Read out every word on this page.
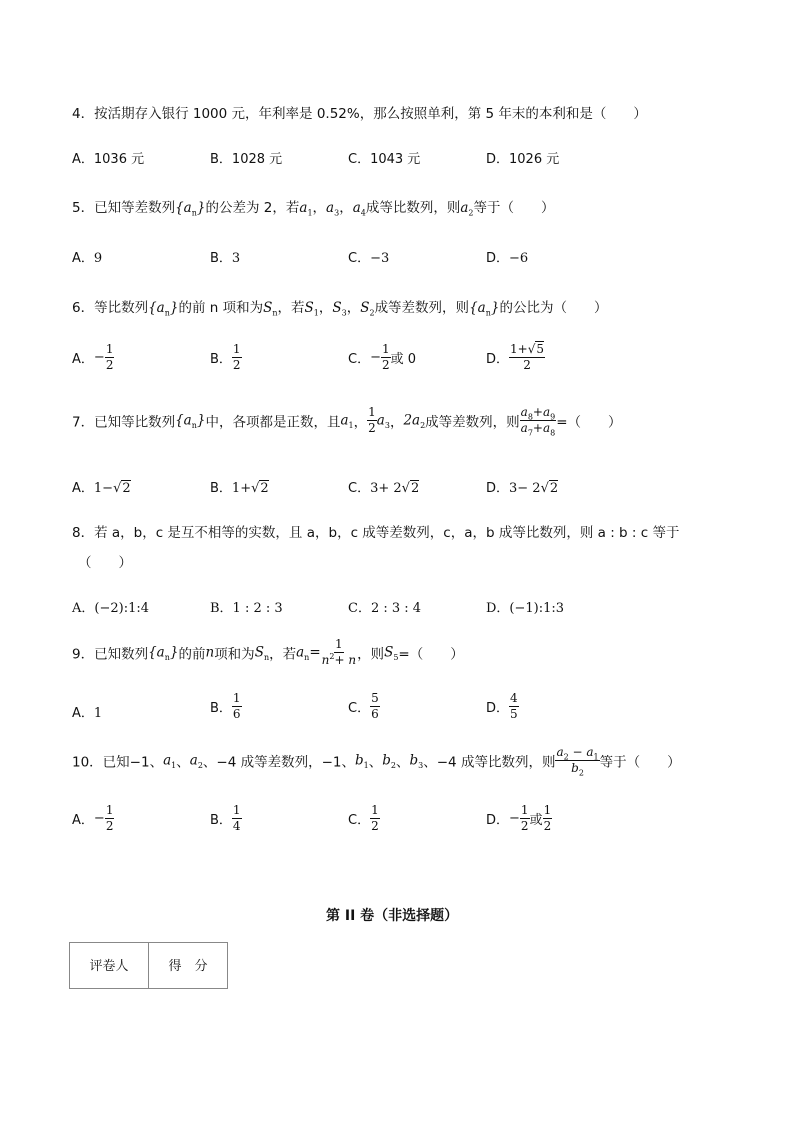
4．按活期存入银行 1000 元，年利率是 0.52%，那么按照单利，第 5 年末的本利和是（　　）
A．1036 元	B．1028 元	C．1043 元	D．1026 元
5．已知等差数列$\{a_n\}$的公差为 2，若$a_1$，$a_3$，$a_4$成等比数列，则$a_2$等于（　　）
A．9	B．3	C．−3	D．−6
6．等比数列$\{a_n\}$的前 n 项和为$S_n$，若$S_1$，$S_3$，$S_2$成等差数列，则$\{a_n\}$的公比为（　　）
A．− $\frac{1}{2}$	B． $\frac{1}{2}$	C．− $\frac{1}{2}$ 或 0	D． $\frac{1+√5}{2}$
7．已知等比数列$\{a_n\}$中，各项都是正数，且$a_1$， $\frac{1}{2} a_3$，$2a_2$成等差数列，则 $\frac{a_8+a_9}{a_7+a_8}$ =（　　）
A．1−√2	B．1+√2	C．3+ 2√2	D．3− 2√2
8．若 a，b，c 是互不相等的实数，且 a，b，c 成等差数列，c，a，b 成等比数列，则 a : b : c 等于
（　　）
A．(−2):1:4	B．1 : 2 : 3	C．2 : 3 : 4	D．(−1):1:3
9．已知数列$\{a_n\}$的前n项和为$S_n$，若$a_n= \frac{1}{n^2+ n}$ ，则$S_5=$（　　）
A．1	B． $\frac{1}{6}$	C． $\frac{5}{6}$	D． $\frac{4}{5}$
10．已知−1、$a_1$、$a_2$、−4 成等差数列，−1、$b_1$、$b_2$、$b_3$、−4 成等比数列，则 $\frac{a_2 - a_1}{b_2}$ 等于（　　）
A．− $\frac{1}{2}$	B． $\frac{1}{4}$	C． $\frac{1}{2}$	D．− $\frac{1}{2}$ 或 $\frac{1}{2}$
第 II 卷（非选择题）
评卷人	得　分
